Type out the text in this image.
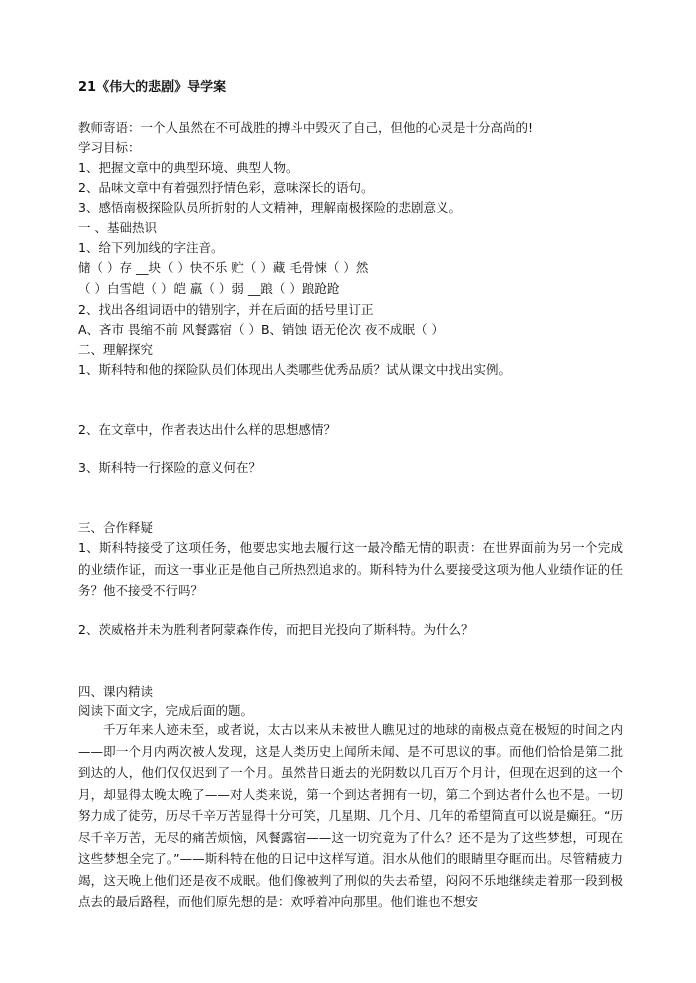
21《伟大的悲剧》导学案
教师寄语：一个人虽然在不可战胜的搏斗中毁灭了自己，但他的心灵是十分高尚的!
学习目标：
1、把握文章中的典型环境、典型人物。
2、品味文章中有着强烈抒情色彩，意味深长的语句。
3、感悟南极探险队员所折射的人文精神，理解南极探险的悲剧意义。
一 、基础热识
1、给下列加线的字注音。
储（ ）存 __块（ ）快不乐 贮（ ）藏 毛骨悚（ ）然
（ ）白雪皑（ ）皑 羸（ ）弱 __踉（ ）踉跄跄
2、找出各组词语中的错别字，并在后面的括号里订正
A、吝市 畏缩不前 风餐露宿（ ）B、销蚀 语无伦次 夜不成眠（ ）
二、理解探究
1、斯科特和他的探险队员们体现出人类哪些优秀品质？试从课文中找出实例。
2、在文章中，作者表达出什么样的思想感情？
3、斯科特一行探险的意义何在？
三、合作释疑
1、斯科特接受了这项任务，他要忠实地去履行这一最冷酷无情的职责：在世界面前为另一个完成的业绩作证，而这一事业正是他自己所热烈追求的。斯科特为什么要接受这项为他人业绩作证的任务？他不接受不行吗？
2、茨威格并未为胜利者阿蒙森作传，而把目光投向了斯科特。为什么？
四、课内精读
阅读下面文字，完成后面的题。
千万年来人迹未至，或者说，太古以来从未被世人瞧见过的地球的南极点竟在极短的时间之内——即一个月内两次被人发现，这是人类历史上闻所未闻、是不可思议的事。而他们恰恰是第二批到达的人，他们仅仅迟到了一个月。虽然昔日逝去的光阴数以几百万个月计，但现在迟到的这一个月，却显得太晚太晚了——对人类来说，第一个到达者拥有一切，第二个到达者什么也不是。一切努力成了徒劳，历尽千辛万苦显得十分可笑，几星期、几个月、几年的希望简直可以说是癫狂。“历尽千辛万苦，无尽的痛苦烦恼，风餐露宿——这一切究竟为了什么？还不是为了这些梦想，可现在这些梦想全完了。”——斯科特在他的日记中这样写道。泪水从他们的眼睛里夺眶而出。尽管精疲力竭，这天晚上他们还是夜不成眠。他们像被判了刑似的失去希望，闷闷不乐地继续走着那一段到极点去的最后路程，而他们原先想的是：欢呼着冲向那里。他们谁也不想安
